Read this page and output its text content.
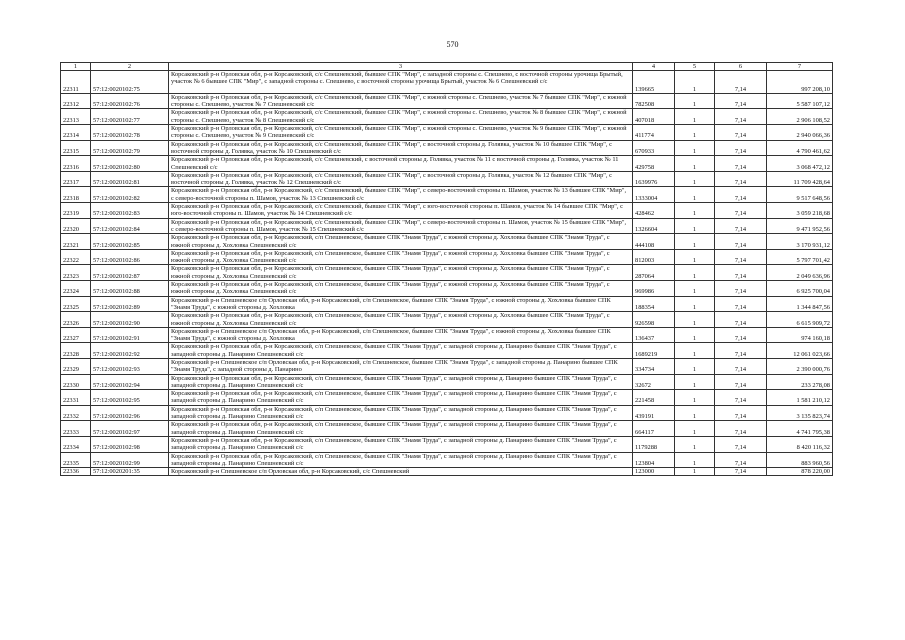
570
1	2	3	4	5	6	7
22311	57:12:0020102:75	Корсаковский р-н Орловская обл, р-н Корсаковский, с/с Спешневский, бывшее СПК "Мир", с западной стороны с. Спешнево, с восточной стороны урочища Брытый, участок № 6 бывшее СПК "Мир", с западной стороны с. Спешнево, с восточной стороны урочища Брытый, участок № 6 Спешневский с/с	139665	1	7,14	997 208,10
22312	57:12:0020102:76	Корсаковский р-н Орловская обл, р-н Корсаковский, с/с Спешневский, бывшее СПК "Мир", с южной стороны с. Спешнево, участок № 7 бывшее СПК "Мир", с южной стороны с. Спешнево, участок № 7 Спешневский с/с	782508	1	7,14	5 587 107,12
22313	57:12:0020102:77	Корсаковский р-н Орловская обл, р-н Корсаковский, с/с Спешневский, бывшее СПК "Мир", с южной стороны с. Спешнево, участок № 8 бывшее СПК "Мир", с южной стороны с. Спешнево, участок № 8 Спешневский с/с	407018	1	7,14	2 906 108,52
22314	57:12:0020102:78	Корсаковский р-н Орловская обл, р-н Корсаковский, с/с Спешневский, бывшее СПК "Мир", с южной стороны с. Спешнево, участок № 9 бывшее СПК "Мир", с южной стороны с. Спешнево, участок № 9 Спешневский с/с	411774	1	7,14	2 940 066,36
22315	57:12:0020102:79	Корсаковский р-н Орловская обл, р-н Корсаковский, с/с Спешневский, бывшее СПК "Мир", с восточной стороны д. Голявка, участок № 10 бывшее СПК "Мир", с восточной стороны д. Голявка, участок № 10 Спешневский с/с	670933	1	7,14	4 790 461,62
22316	57:12:0020102:80	Корсаковский р-н Орловская обл, р-н Корсаковский, с/с Спешневский, с восточной стороны д. Голявка, участок № 11 с восточной стороны д. Голявка, участок № 11 Спешневский с/с	429758	1	7,14	3 068 472,12
22317	57:12:0020102:81	Корсаковский р-н Орловская обл, р-н Корсаковский, с/с Спешневский, бывшее СПК "Мир", с восточной стороны д. Голявка, участок № 12 бывшее СПК "Мир", с восточной стороны д. Голявка, участок № 12 Спешневский с/с	1639976	1	7,14	11 709 428,64
22318	57:12:0020102:82	Корсаковский р-н Орловская обл, р-н Корсаковский, с/с Спешневский, бывшее СПК "Мир", с северо-восточной стороны п. Шамов, участок № 13 бывшее СПК "Мир", с северо-восточной стороны п. Шамов, участок № 13 Спешневский с/с	1333004	1	7,14	9 517 648,56
22319	57:12:0020102:83	Корсаковский р-н Орловская обл, р-н Корсаковский, с/с Спешневский, бывшее СПК "Мир", с юго-восточной стороны п. Шамов, участок № 14 бывшее СПК "Мир", с юго-восточной стороны п. Шамов, участок № 14 Спешневский с/с	428462	1	7,14	3 059 218,68
22320	57:12:0020102:84	Корсаковский р-н Орловская обл, р-н Корсаковский, с/с Спешневский, бывшее СПК "Мир", с северо-восточной стороны п. Шамов, участок № 15 бывшее СПК "Мир", с северо-восточной стороны п. Шамов, участок № 15 Спешневский с/с	1326604	1	7,14	9 471 952,56
22321	57:12:0020102:85	Корсаковский р-н Орловская обл, р-н Корсаковский, с/п Спешневское, бывшее СПК "Знамя Труда", с южной стороны д. Хохловка бывшее СПК "Знамя Труда", с южной стороны д. Хохловка Спешневский с/с	444108	1	7,14	3 170 931,12
22322	57:12:0020102:86	Корсаковский р-н Орловская обл, р-н Корсаковский, с/п Спешневское, бывшее СПК "Знамя Труда", с южной стороны д. Хохловка бывшее СПК "Знамя Труда", с южной стороны д. Хохловка Спешневский с/с	812003	1	7,14	5 797 701,42
22323	57:12:0020102:87	Корсаковский р-н Орловская обл, р-н Корсаковский, с/п Спешневское, бывшее СПК "Знамя Труда", с южной стороны д. Хохловка бывшее СПК "Знамя Труда", с южной стороны д. Хохловка Спешневский с/с	287064	1	7,14	2 049 636,96
22324	57:12:0020102:88	Корсаковский р-н Орловская обл, р-н Корсаковский, с/п Спешневское, бывшее СПК "Знамя Труда", с южной стороны д. Хохловка бывшее СПК "Знамя Труда", с южной стороны д. Хохловка Спешневский с/с	969986	1	7,14	6 925 700,04
22325	57:12:0020102:89	Корсаковский р-н Спешневское с/п Орловская обл, р-н Корсаковский, с/п Спешневское, бывшее СПК "Знамя Труда", с южной стороны д. Хохловка бывшее СПК "Знамя Труда", с южной стороны д. Хохловка	188354	1	7,14	1 344 847,56
22326	57:12:0020102:90	Корсаковский р-н Орловская обл, р-н Корсаковский, с/п Спешневское, бывшее СПК "Знамя Труда", с южной стороны д. Хохловка бывшее СПК "Знамя Труда", с южной стороны д. Хохловка Спешневский с/с	926598	1	7,14	6 615 909,72
22327	57:12:0020102:91	Корсаковский р-н Спешневское с/п Орловская обл, р-н Корсаковский, с/п Спешневское, бывшее СПК "Знамя Труда", с южной стороны д. Хохловка бывшее СПК "Знамя Труда", с южной стороны д. Хохловка	136437	1	7,14	974 160,18
22328	57:12:0020102:92	Корсаковский р-н Орловская обл, р-н Корсаковский, с/п Спешневское, бывшее СПК "Знамя Труда", с западной стороны д. Панарино бывшее СПК "Знамя Труда", с западной стороны д. Панарино Спешневский с/с	1689219	1	7,14	12 061 023,66
22329	57:12:0020102:93	Корсаковский р-н Спешневское с/п Орловская обл, р-н Корсаковский, с/п Спешневское, бывшее СПК "Знамя Труда", с западной стороны д. Панарино бывшее СПК "Знамя Труда", с западной стороны д. Панарино	334734	1	7,14	2 390 000,76
22330	57:12:0020102:94	Корсаковский р-н Орловская обл, р-н Корсаковский, с/п Спешневское, бывшее СПК "Знамя Труда", с западной стороны д. Панарино бывшее СПК "Знамя Труда", с западной стороны д. Панарино Спешневский с/с	32672	1	7,14	233 278,08
22331	57:12:0020102:95	Корсаковский р-н Орловская обл, р-н Корсаковский, с/п Спешневское, бывшее СПК "Знамя Труда", с западной стороны д. Панарино бывшее СПК "Знамя Труда", с западной стороны д. Панарино Спешневский с/с	221458	1	7,14	1 581 210,12
22332	57:12:0020102:96	Корсаковский р-н Орловская обл, р-н Корсаковский, с/п Спешневское, бывшее СПК "Знамя Труда", с западной стороны д. Панарино бывшее СПК "Знамя Труда", с западной стороны д. Панарино Спешневский с/с	439191	1	7,14	3 135 823,74
22333	57:12:0020102:97	Корсаковский р-н Орловская обл, р-н Корсаковский, с/п Спешневское, бывшее СПК "Знамя Труда", с западной стороны д. Панарино бывшее СПК "Знамя Труда", с западной стороны д. Панарино Спешневский с/с	664117	1	7,14	4 741 795,38
22334	57:12:0020102:98	Корсаковский р-н Орловская обл, р-н Корсаковский, с/п Спешневское, бывшее СПК "Знамя Труда", с западной стороны д. Панарино бывшее СПК "Знамя Труда", с западной стороны д. Панарино Спешневский с/с	1179288	1	7,14	8 420 116,32
22335	57:12:0020102:99	Корсаковский р-н Орловская обл, р-н Корсаковский, с/п Спешневское, бывшее СПК "Знамя Труда", с западной стороны д. Панарино бывшее СПК "Знамя Труда", с западной стороны д. Панарино Спешневский с/с	123804	1	7,14	883 960,56
22336	57:12:0020201:35	Корсаковский р-н Спешневское с/п Орловская обл, р-н Корсаковский, с/с Спешневский	123000	1	7,14	878 220,00
